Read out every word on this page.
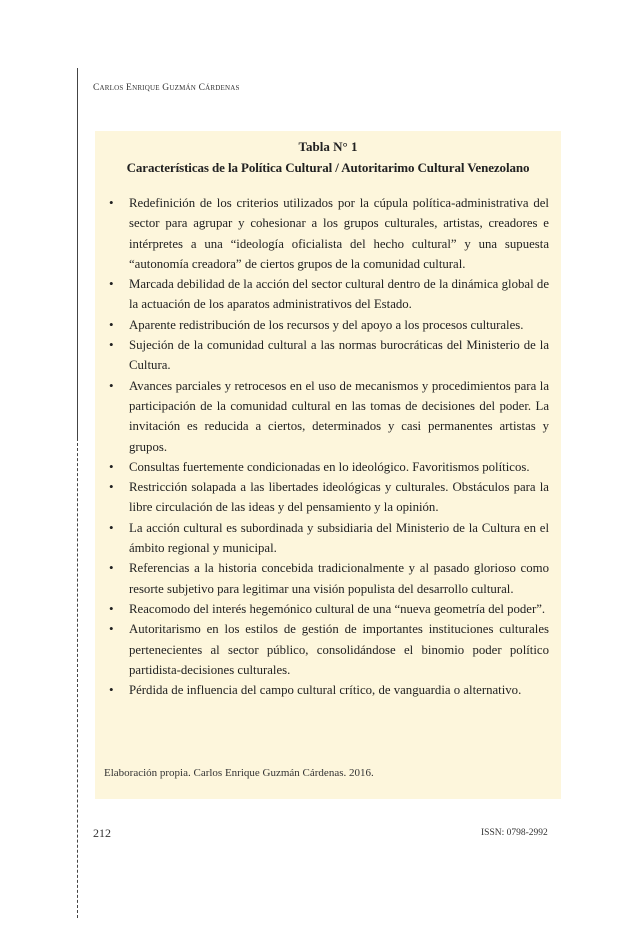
Carlos Enrique Guzmán Cárdenas
Tabla N° 1
Características de la Política Cultural / Autoritarimo Cultural Venezolano
• Redefinición de los criterios utilizados por la cúpula política-administrativa del sector para agrupar y cohesionar a los grupos culturales, artistas, creadores e intérpretes a una “ideología oficialista del hecho cultural” y una supuesta “autonomía creadora” de ciertos grupos de la comunidad cultural.
• Marcada debilidad de la acción del sector cultural dentro de la dinámica global de la actuación de los aparatos administrativos del Estado.
• Aparente redistribución de los recursos y del apoyo a los procesos culturales.
• Sujeción de la comunidad cultural a las normas burocráticas del Ministerio de la Cultura.
• Avances parciales y retrocesos en el uso de mecanismos y procedimientos para la participación de la comunidad cultural en las tomas de decisiones del poder. La invitación es reducida a ciertos, determinados y casi permanentes artistas y grupos.
• Consultas fuertemente condicionadas en lo ideológico. Favoritismos políticos.
• Restricción solapada a las libertades ideológicas y culturales. Obstáculos para la libre circulación de las ideas y del pensamiento y la opinión.
• La acción cultural es subordinada y subsidiaria del Ministerio de la Cultura en el ámbito regional y municipal.
• Referencias a la historia concebida tradicionalmente y al pasado glorioso como resorte subjetivo para legitimar una visión populista del desarrollo cultural.
• Reacomodo del interés hegemónico cultural de una “nueva geometría del poder”.
• Autoritarismo en los estilos de gestión de importantes instituciones culturales pertenecientes al sector público, consolidándose el binomio poder político partidista-decisiones culturales.
• Pérdida de influencia del campo cultural crítico, de vanguardia o alternativo.
Elaboración propia. Carlos Enrique Guzmán Cárdenas. 2016.
212	ISSN: 0798-2992
